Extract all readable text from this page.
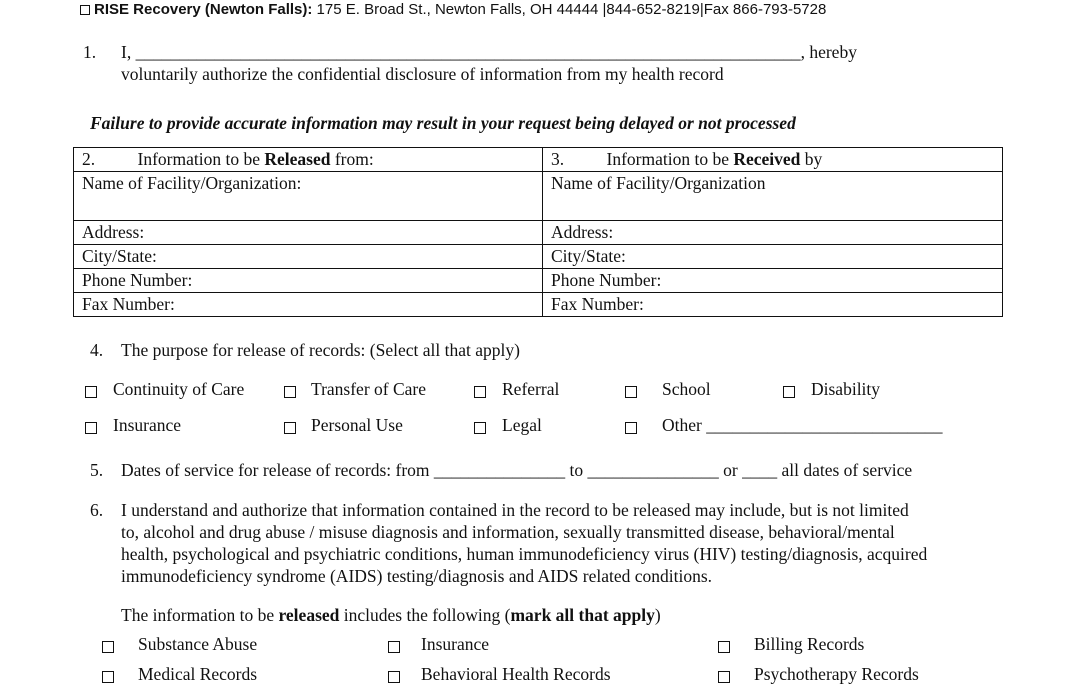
RISE Recovery (Newton Falls): 175 E. Broad St., Newton Falls, OH 44444 |844-652-8219|Fax 866-793-5728
1. I, ____________________________________________________________________________, hereby
voluntarily authorize the confidential disclosure of information from my health record
Failure to provide accurate information may result in your request being delayed or not processed
2. Information to be Released from:	3. Information to be Received by
Name of Facility/Organization:	Name of Facility/Organization
Address:	Address:
City/State:	City/State:
Phone Number:	Phone Number:
Fax Number:	Fax Number:
4. The purpose for release of records: (Select all that apply)
Continuity of Care	Transfer of Care	Referral	School	Disability
Insurance	Personal Use	Legal	Other ___________________________
5. Dates of service for release of records: from _______________ to _______________ or ____ all dates of service
6. I understand and authorize that information contained in the record to be released may include, but is not limited
to, alcohol and drug abuse / misuse diagnosis and information, sexually transmitted disease, behavioral/mental
health, psychological and psychiatric conditions, human immunodeficiency virus (HIV) testing/diagnosis, acquired
immunodeficiency syndrome (AIDS) testing/diagnosis and AIDS related conditions.
The information to be released includes the following (mark all that apply)
Substance Abuse	Insurance	Billing Records
Medical Records	Behavioral Health Records	Psychotherapy Records
